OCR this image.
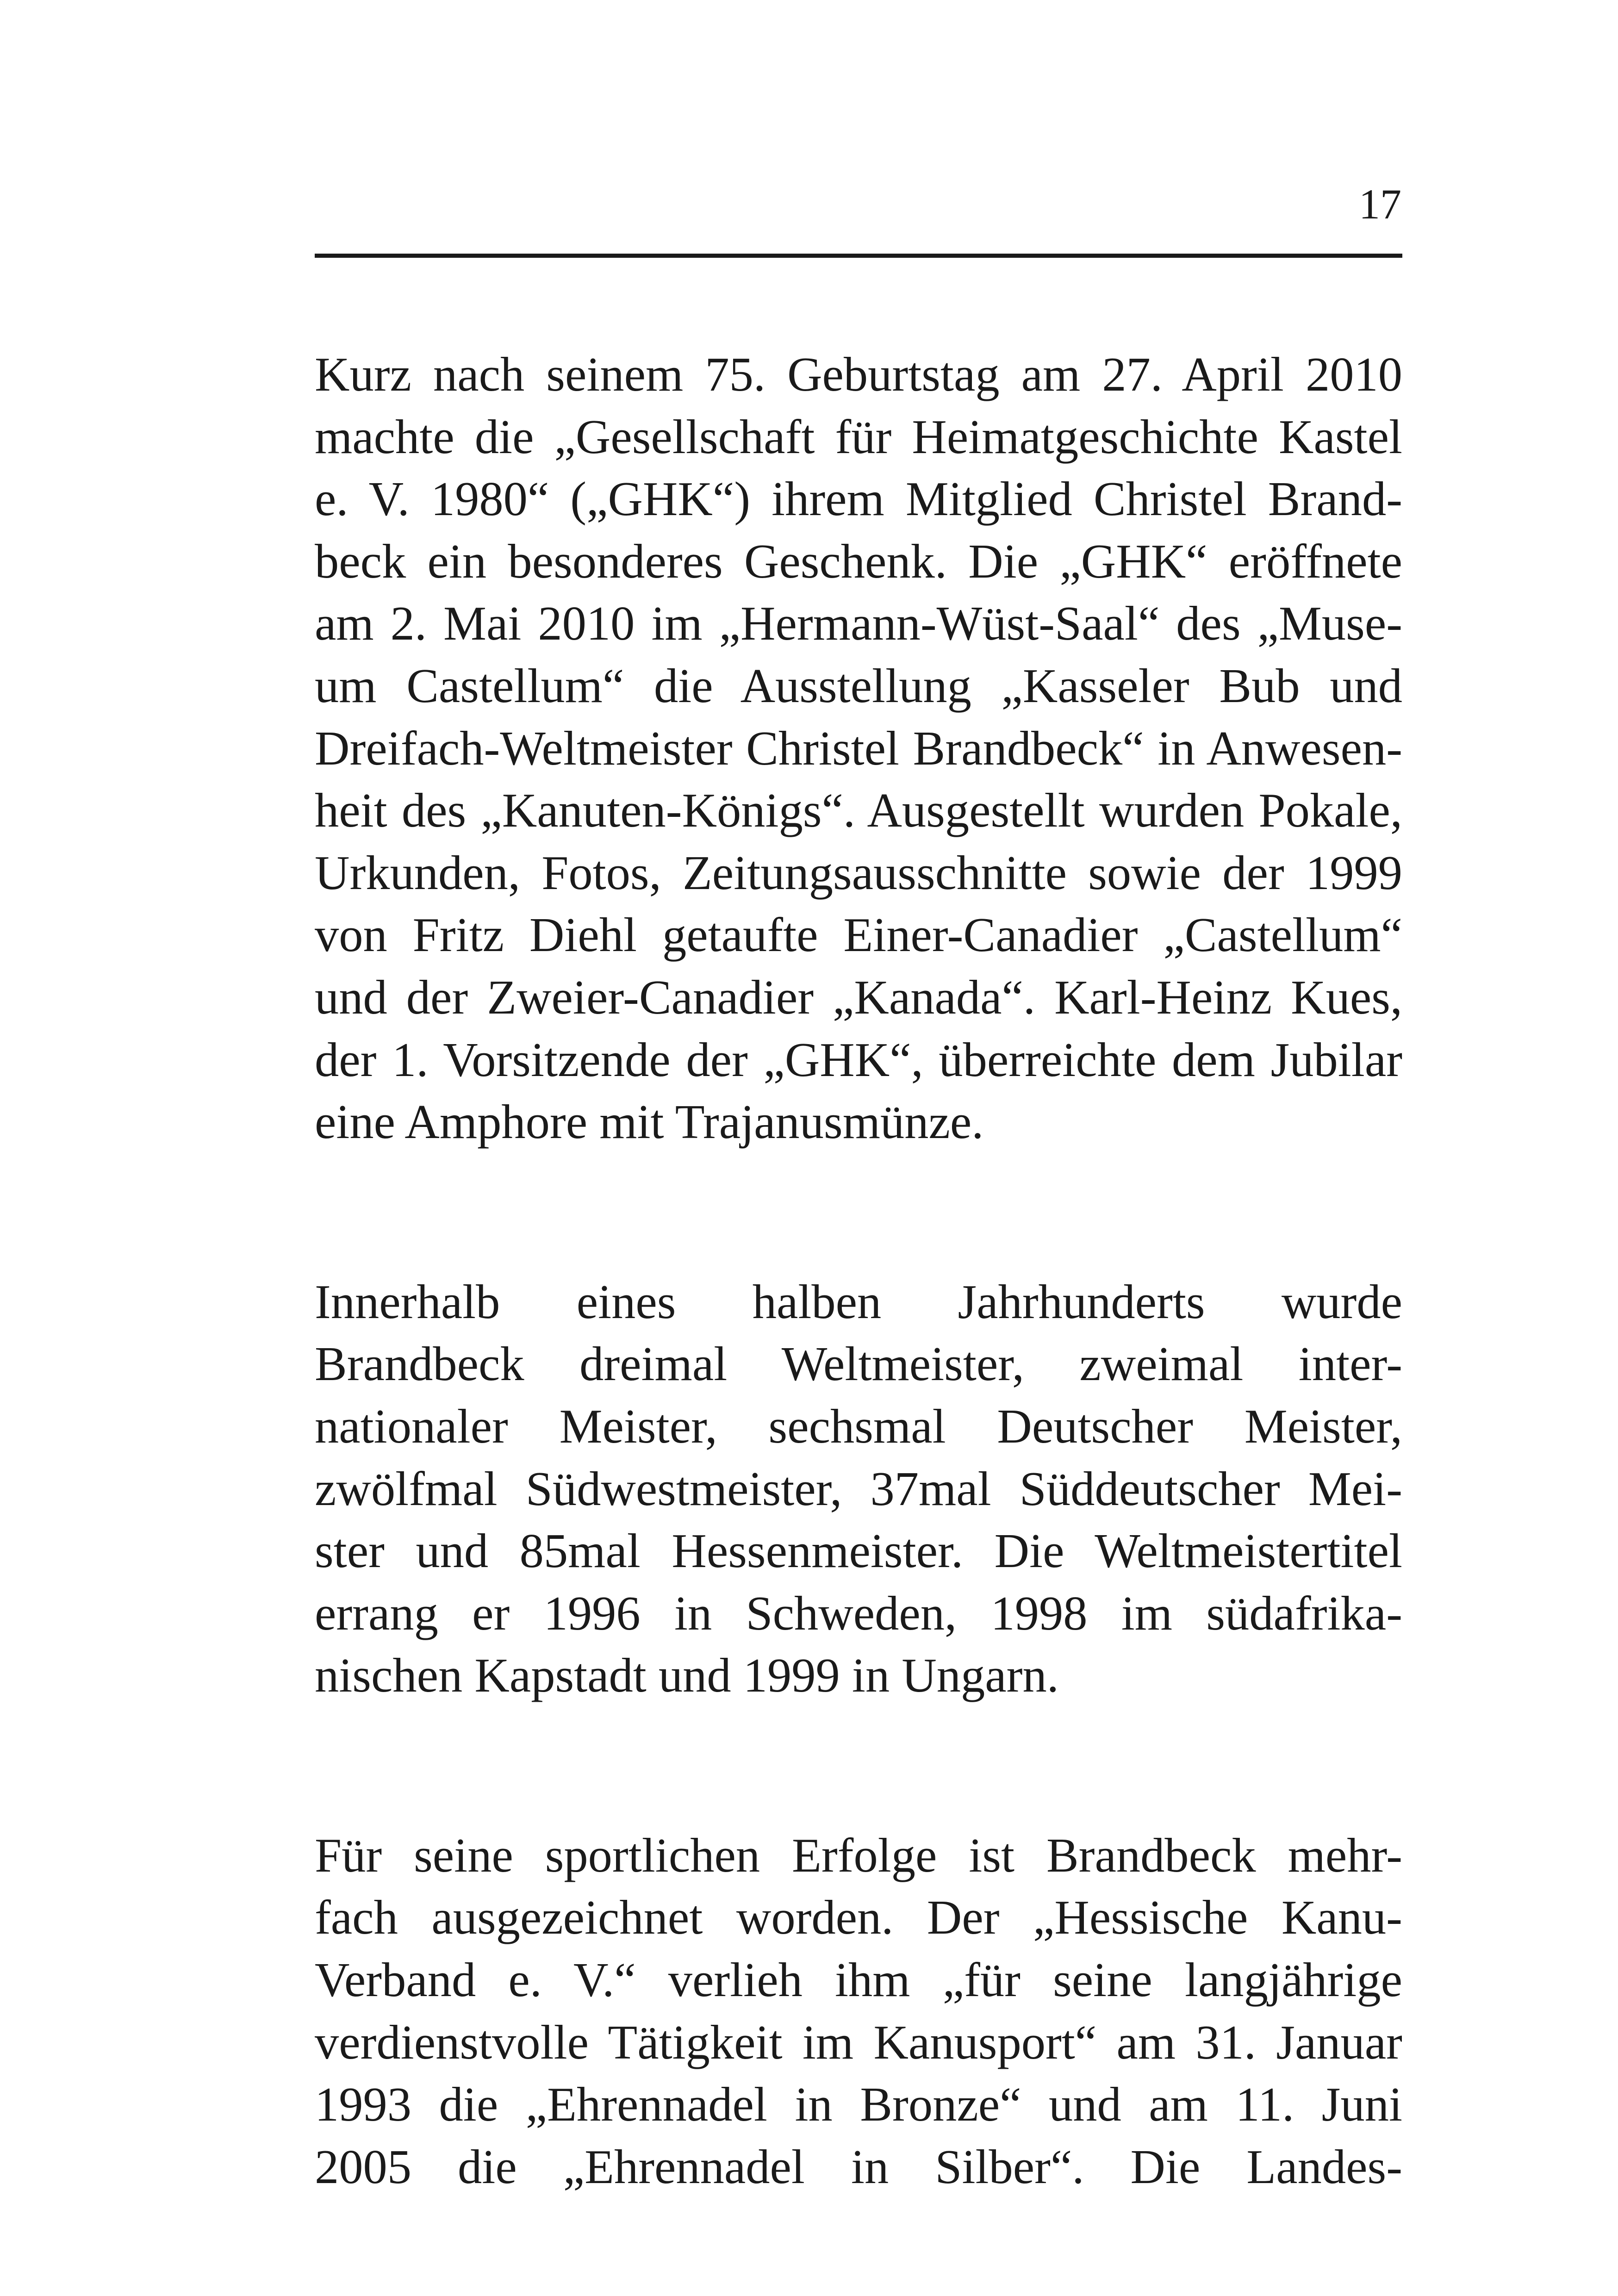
17

Kurz nach seinem 75. Geburtstag am 27. April 2010
machte die „Gesellschaft für Heimatgeschichte Kastel
e. V. 1980“ („GHK“) ihrem Mitglied Christel Brand-
beck ein besonderes Geschenk. Die „GHK“ eröffnete
am 2. Mai 2010 im „Hermann-Wüst-Saal“ des „Muse-
um Castellum“ die Ausstellung „Kasseler Bub und
Dreifach-Weltmeister Christel Brandbeck“ in Anwesen-
heit des „Kanuten-Königs“. Ausgestellt wurden Pokale,
Urkunden, Fotos, Zeitungsausschnitte sowie der 1999
von Fritz Diehl getaufte Einer-Canadier „Castellum“
und der Zweier-Canadier „Kanada“. Karl-Heinz Kues,
der 1. Vorsitzende der „GHK“, überreichte dem Jubilar
eine Amphore mit Trajanusmünze.

Innerhalb eines halben Jahrhunderts wurde
Brandbeck dreimal Weltmeister, zweimal inter-
nationaler Meister, sechsmal Deutscher Meister,
zwölfmal Südwestmeister, 37mal Süddeutscher Mei-
ster und 85mal Hessenmeister. Die Weltmeistertitel
errang er 1996 in Schweden, 1998 im südafrika-
nischen Kapstadt und 1999 in Ungarn.

Für seine sportlichen Erfolge ist Brandbeck mehr-
fach ausgezeichnet worden. Der „Hessische Kanu-
Verband e. V.“ verlieh ihm „für seine langjährige
verdienstvolle Tätigkeit im Kanusport“ am 31. Januar
1993 die „Ehrennadel in Bronze“ und am 11. Juni
2005 die „Ehrennadel in Silber“. Die Landes-
